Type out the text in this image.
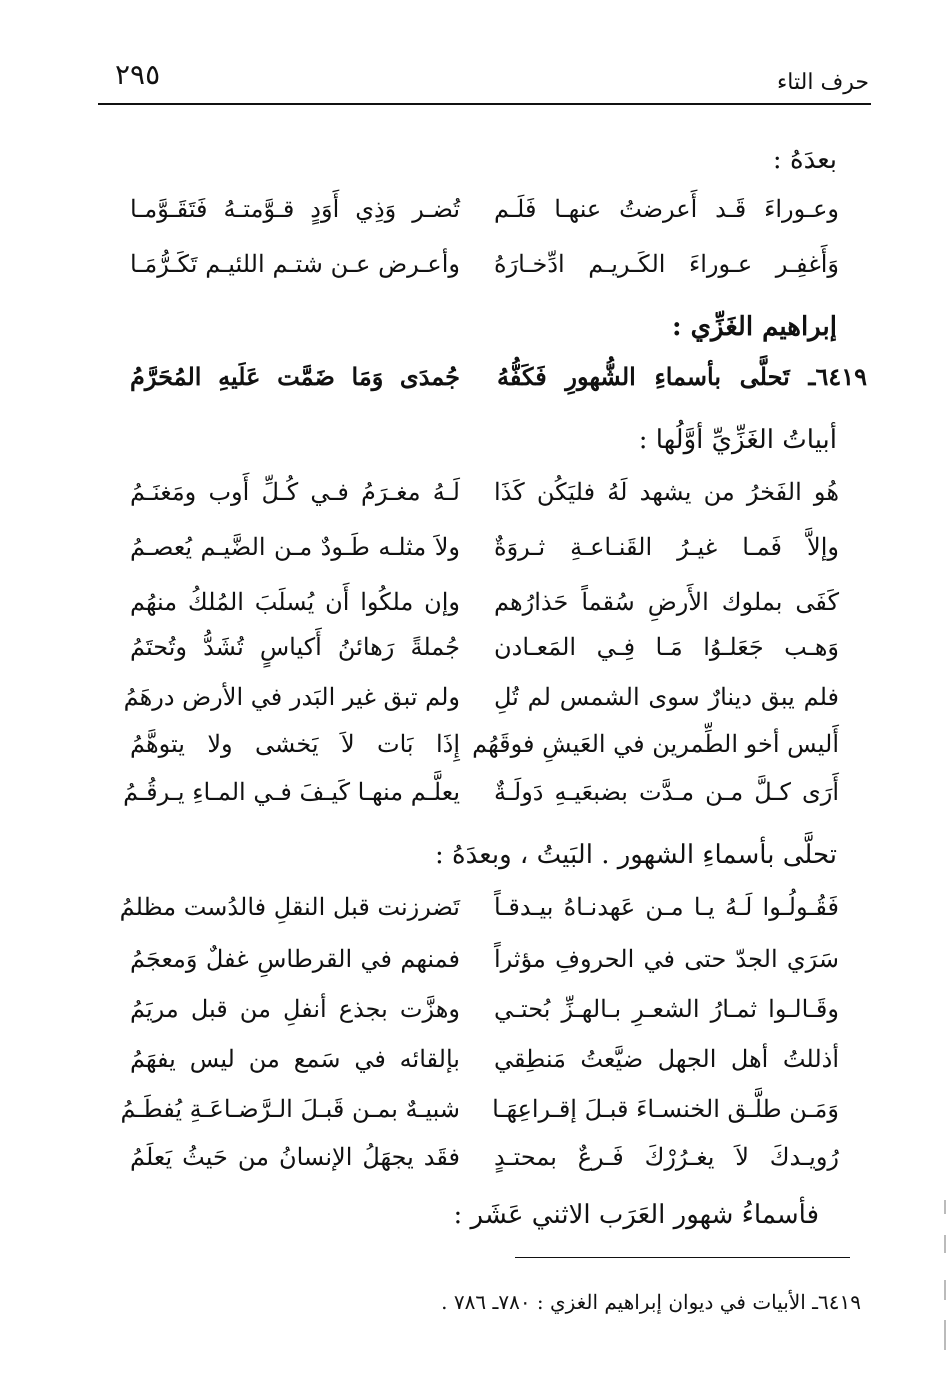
حرف التاء
٢٩٥
بعدَهُ :
وعـوراءَ قَـد أَعرضتُ عنهـا فَلَـم
تُضـر وَذِي أَوَدٍ قـوَّمتـهُ فَتَقَـوَّمـا
وَأَغفِـر عـوراءَ الكَـريـم ادِّخـارَهُ
وأعـرض عـن شتـم اللئيـم تَكَـرُّمَـا
إبراهيم الغَزِّي :
٦٤١٩ـ تَحلَّى بأسماءِ الشُّهورِ فَكَفُّهُ
جُمدَى وَمَا ضَمَّت عَلَيهِ المُحَرَّمُ
أبياتُ الغَزِّيِّ أوَّلُها :
هُو الفَخرُ من يشهد لَهُ فليَكُن كَذَا
لَـهُ مغـرَمُ فـي كُـلِّ أَوب ومَغنَـمُ
وإلاَّ فَمـا غيـرُ القَنـاعـةِ ثـروَةٌ
ولاَ مثلـه طَـودٌ مـن الضَّيـم يُعصـمُ
كَفَى بملوك الأَرضِ سُقماً حَذارُهم
وإن ملكُوا أَن يُسلَبَ المُلكُ منهُم
وَهـب جَعَلـوُا مَـا فِـي المَعـادن
جُملةً رَهائنُ أَكياسٍ تُشَدُّ وتُحتَمُ
فلم يبق دينارٌ سوى الشمس لم تُلِ
ولم تبق غير البَدر في الأرض درهَمُ
أَليس أخو الطِّمرين في العَيشِ فوقَهُم
إِذَا بَات لاَ يَخشى ولا يتوهَّمُ
أَرَى كـلَّ مـن مـدَّت بضبعَيـهِ دَولَـةٌ
يعلَّـم منهـا كَيـفَ فـي المـاءِ يـرقُـمُ
تحلَّى بأسماءِ الشهور . البَيتُ ، وبعدَهُ :
فَقُـولُـوا لَـهُ يـا مـن عَهدنـاهُ بيـدقـاً
تَضرزنت قبل النقلِ فالدُست مظلمُ
سَرَي الجدّ حتى في الحروفِ مؤثراً
فمنهم في القرطاسِ غفلٌ وَمعجَمُ
وقَـالـوا ثمـارُ الشعـرِ بـالهـزِّ بُحتـي
وهزَّت بجذع أنفلِ من قبل مريَمُ
أذللتُ أهل الجهل ضيَّعتُ مَنطِقي
بإلقائه في سَمع من ليس يفهَمُ
وَمَـن طلَّـق الخنسـاءَ قبـلَ إقـراعِهَـا
شبيـهٌ بمـن قَبـلَ الـرَّضـاعَـةِ يُفطَـمُ
رُويـدكَ لاَ يغـرُرْكَ فَـرعٌ بمحتـدٍ
فقَد يجهَلُ الإنسانُ من حَيثُ يَعلَمُ
فأسماءُ شهور العَرَب الاثني عَشَر :
٦٤١٩ـ الأبيات في ديوان إبراهيم الغزي : ٧٨٠ـ ٧٨٦ .
